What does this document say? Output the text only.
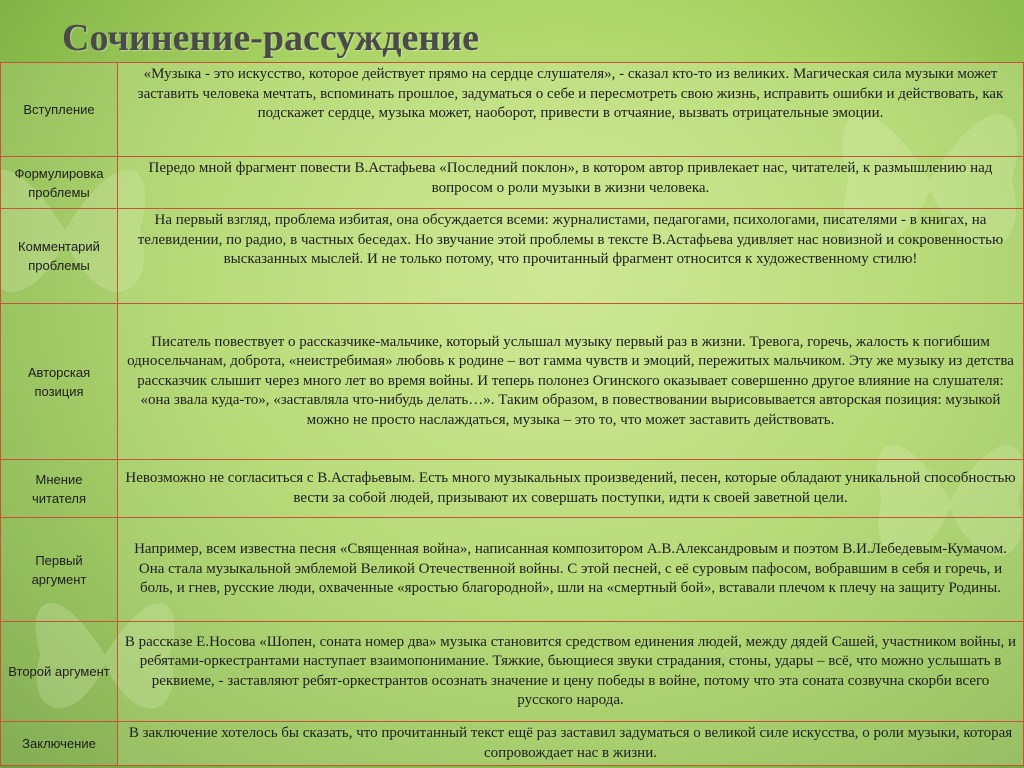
Сочинение-рассуждение
Вступление	«Музыка - это искусство, которое действует прямо на сердце слушателя», - сказал кто-то из великих. Магическая сила музыки может заставить человека мечтать, вспоминать прошлое, задуматься о себе и пересмотреть свою жизнь, исправить ошибки и действовать, как подскажет сердце, музыка может, наоборот, привести в отчаяние, вызвать отрицательные эмоции.
Формулировка проблемы	Передо мной фрагмент повести В.Астафьева «Последний поклон», в котором автор привлекает нас, читателей, к размышлению над вопросом о роли музыки в жизни человека.
Комментарий проблемы	На первый взгляд, проблема избитая, она обсуждается всеми: журналистами, педагогами, психологами, писателями - в книгах, на телевидении, по радио, в частных беседах. Но звучание этой проблемы в тексте В.Астафьева удивляет нас новизной и сокровенностью высказанных мыслей. И не только потому, что прочитанный фрагмент относится к художественному стилю!
Авторская позиция	Писатель повествует о рассказчике-мальчике, который услышал музыку первый раз в жизни. Тревога, горечь, жалость к погибшим односельчанам, доброта, «неистребимая» любовь к родине – вот гамма чувств и эмоций, пережитых мальчиком. Эту же музыку из детства рассказчик слышит через много лет во время войны. И теперь полонез Огинского оказывает совершенно другое влияние на слушателя: «она звала куда-то», «заставляла что-нибудь делать…». Таким образом, в повествовании вырисовывается авторская позиция: музыкой можно не просто наслаждаться, музыка – это то, что может заставить действовать.
Мнение читателя	Невозможно не согласиться с В.Астафьевым. Есть много музыкальных произведений, песен, которые обладают уникальной способностью вести за собой людей, призывают их совершать поступки, идти к своей заветной цели.
Первый аргумент	Например, всем известна песня «Священная война», написанная композитором А.В.Александровым и поэтом В.И.Лебедевым-Кумачом. Она стала музыкальной эмблемой Великой Отечественной войны. С этой песней, с её суровым пафосом, вобравшим в себя и горечь, и боль, и гнев, русские люди, охваченные «яростью благородной», шли на «смертный бой», вставали плечом к плечу на защиту Родины.
Второй аргумент	В рассказе Е.Носова «Шопен, соната номер два» музыка становится средством единения людей, между дядей Сашей, участником войны, и ребятами-оркестрантами наступает взаимопонимание. Тяжкие, бьющиеся звуки страдания, стоны, удары – всё, что можно услышать в реквиеме, - заставляют ребят-оркестрантов осознать значение и цену победы в войне, потому что эта соната созвучна скорби всего русского народа.
Заключение	В заключение хотелось бы сказать, что прочитанный текст ещё раз заставил задуматься о великой силе искусства, о роли музыки, которая сопровождает нас в жизни.
